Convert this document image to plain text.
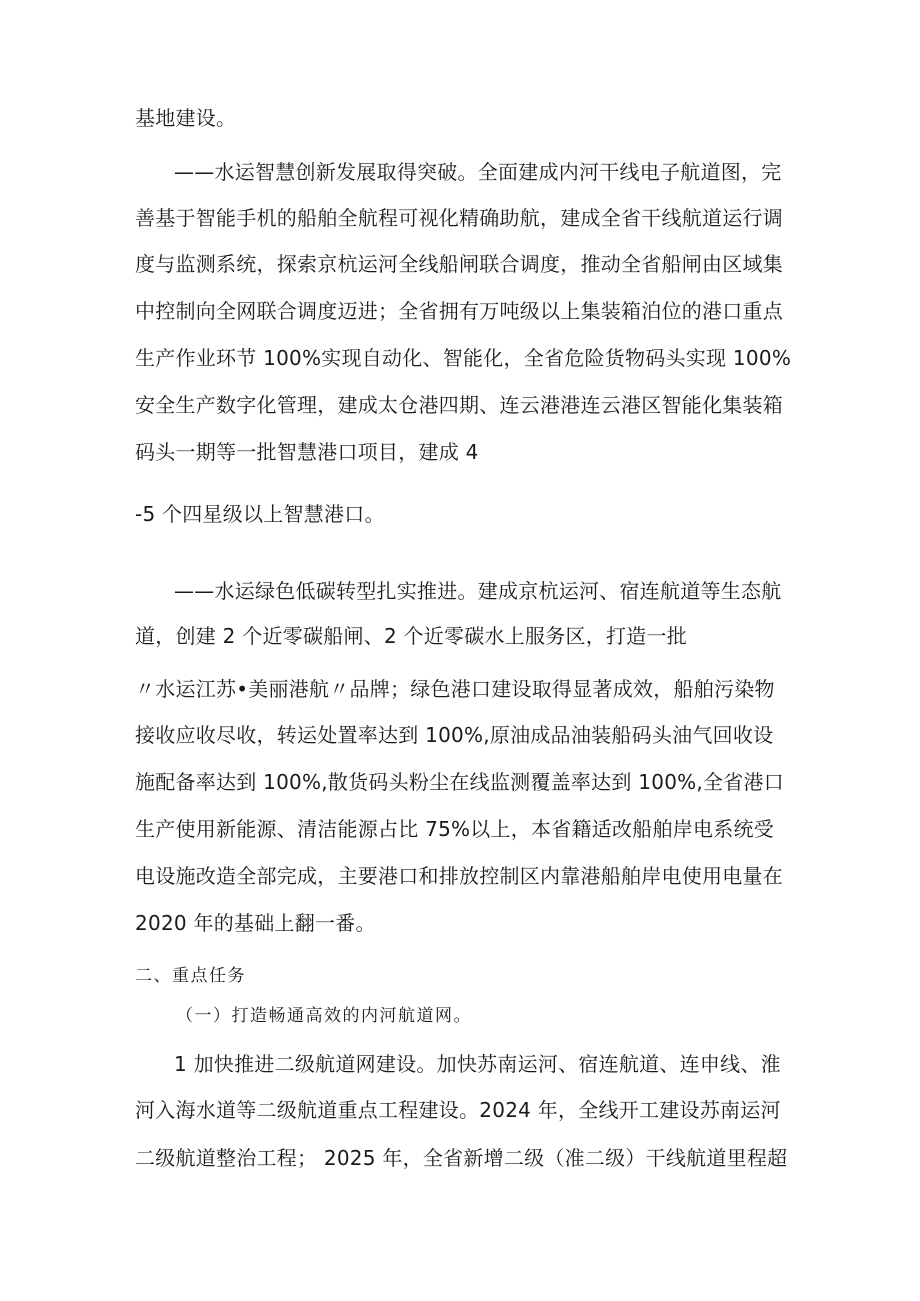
基地建设。

——水运智慧创新发展取得突破。全面建成内河干线电子航道图，完

善基于智能手机的船舶全航程可视化精确助航，建成全省干线航道运行调

度与监测系统，探索京杭运河全线船闸联合调度，推动全省船闸由区域集

中控制向全网联合调度迈进；全省拥有万吨级以上集装箱泊位的港口重点

生产作业环节 100%实现自动化、智能化，全省危险货物码头实现 100%

安全生产数字化管理，建成太仓港四期、连云港港连云港区智能化集装箱

码头一期等一批智慧港口项目，建成 4

-5 个四星级以上智慧港口。

——水运绿色低碳转型扎实推进。建成京杭运河、宿连航道等生态航

道，创建 2 个近零碳船闸、2 个近零碳水上服务区，打造一批

〃水运江苏•美丽港航〃品牌；绿色港口建设取得显著成效，船舶污染物

接收应收尽收，转运处置率达到 100%,原油成品油装船码头油气回收设

施配备率达到 100%,散货码头粉尘在线监测覆盖率达到 100%,全省港口

生产使用新能源、清洁能源占比 75%以上，本省籍适改船舶岸电系统受

电设施改造全部完成，主要港口和排放控制区内靠港船舶岸电使用电量在

2020 年的基础上翻一番。

二、重点任务

（一）打造畅通高效的内河航道网。

1 加快推进二级航道网建设。加快苏南运河、宿连航道、连申线、淮

河入海水道等二级航道重点工程建设。2024 年，全线开工建设苏南运河

二级航道整治工程； 2025 年，全省新增二级（准二级）干线航道里程超
